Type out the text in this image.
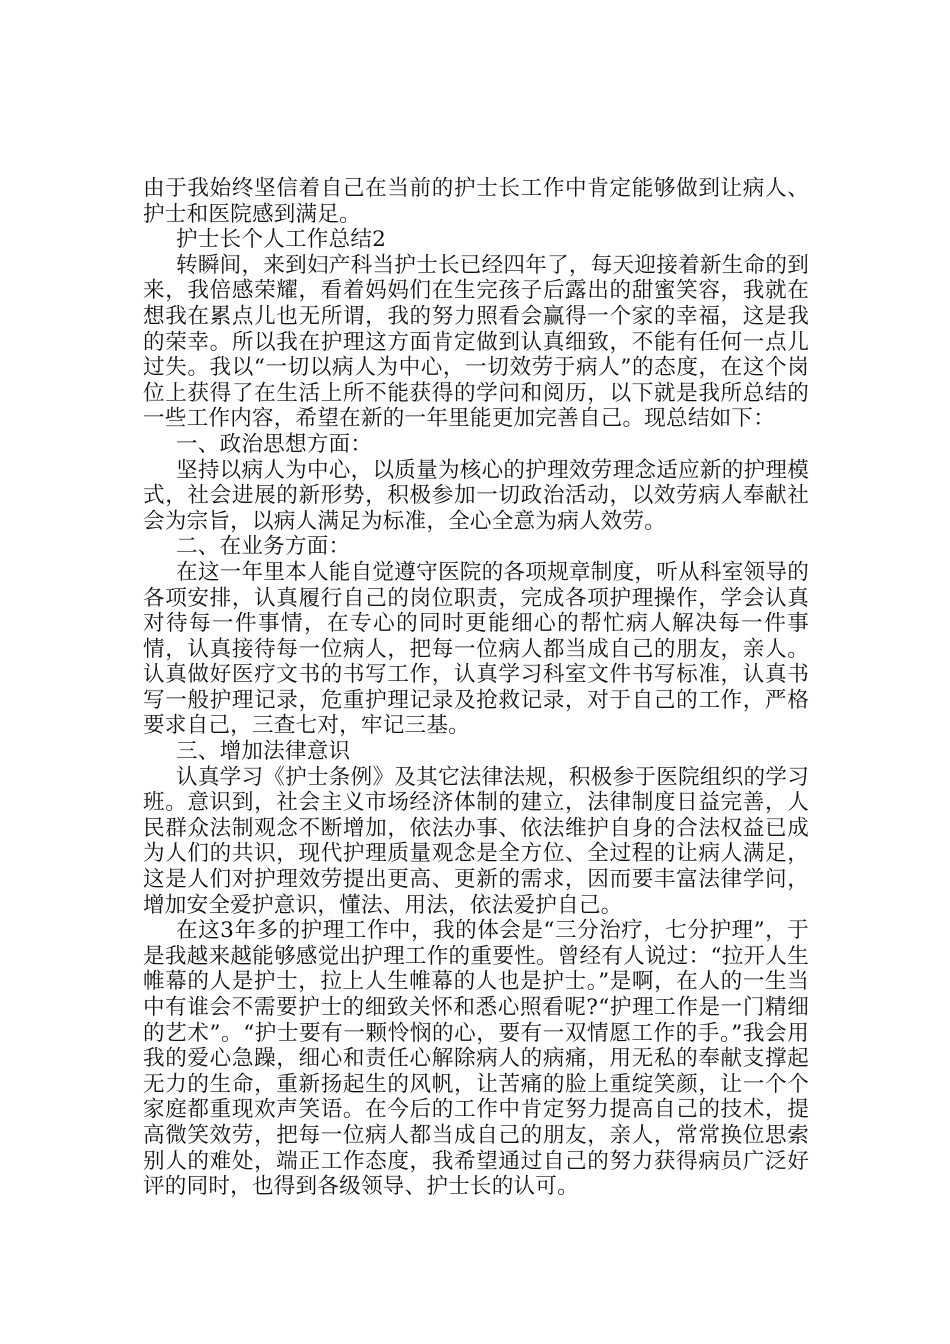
由于我始终坚信着自己在当前的护士长工作中肯定能够做到让病人、护士和医院感到满足。

护士长个人工作总结2

转瞬间，来到妇产科当护士长已经四年了，每天迎接着新生命的到来，我倍感荣耀，看着妈妈们在生完孩子后露出的甜蜜笑容，我就在想我在累点儿也无所谓，我的努力照看会赢得一个家的幸福，这是我的荣幸。所以我在护理这方面肯定做到认真细致，不能有任何一点儿过失。我以“一切以病人为中心，一切效劳于病人”的态度，在这个岗位上获得了在生活上所不能获得的学问和阅历，以下就是我所总结的一些工作内容，希望在新的一年里能更加完善自己。现总结如下：

一、政治思想方面：

坚持以病人为中心，以质量为核心的护理效劳理念适应新的护理模式，社会进展的新形势，积极参加一切政治活动，以效劳病人奉献社会为宗旨，以病人满足为标准，全心全意为病人效劳。

二、在业务方面：

在这一年里本人能自觉遵守医院的各项规章制度，听从科室领导的各项安排，认真履行自己的岗位职责，完成各项护理操作，学会认真对待每一件事情，在专心的同时更能细心的帮忙病人解决每一件事情，认真接待每一位病人，把每一位病人都当成自己的朋友，亲人。认真做好医疗文书的书写工作，认真学习科室文件书写标准，认真书写一般护理记录，危重护理记录及抢救记录，对于自己的工作，严格要求自己，三查七对，牢记三基。

三、增加法律意识

认真学习《护士条例》及其它法律法规，积极参于医院组织的学习班。意识到，社会主义市场经济体制的建立，法律制度日益完善，人民群众法制观念不断增加，依法办事、依法维护自身的合法权益已成为人们的共识，现代护理质量观念是全方位、全过程的让病人满足，这是人们对护理效劳提出更高、更新的需求，因而要丰富法律学问，增加安全爱护意识，懂法、用法，依法爱护自己。

在这3年多的护理工作中，我的体会是“三分治疗，七分护理”，于是我越来越能够感觉出护理工作的重要性。曾经有人说过：“拉开人生帷幕的人是护士，拉上人生帷幕的人也是护士。”是啊，在人的一生当中有谁会不需要护士的细致关怀和悉心照看呢?“护理工作是一门精细的艺术”。“护士要有一颗怜悯的心，要有一双情愿工作的手。”我会用我的爱心急躁，细心和责任心解除病人的病痛，用无私的奉献支撑起无力的生命，重新扬起生的风帆，让苦痛的脸上重绽笑颜，让一个个家庭都重现欢声笑语。在今后的工作中肯定努力提高自己的技术，提高微笑效劳，把每一位病人都当成自己的朋友，亲人，常常换位思索别人的难处，端正工作态度，我希望通过自己的努力获得病员广泛好评的同时，也得到各级领导、护士长的认可。
